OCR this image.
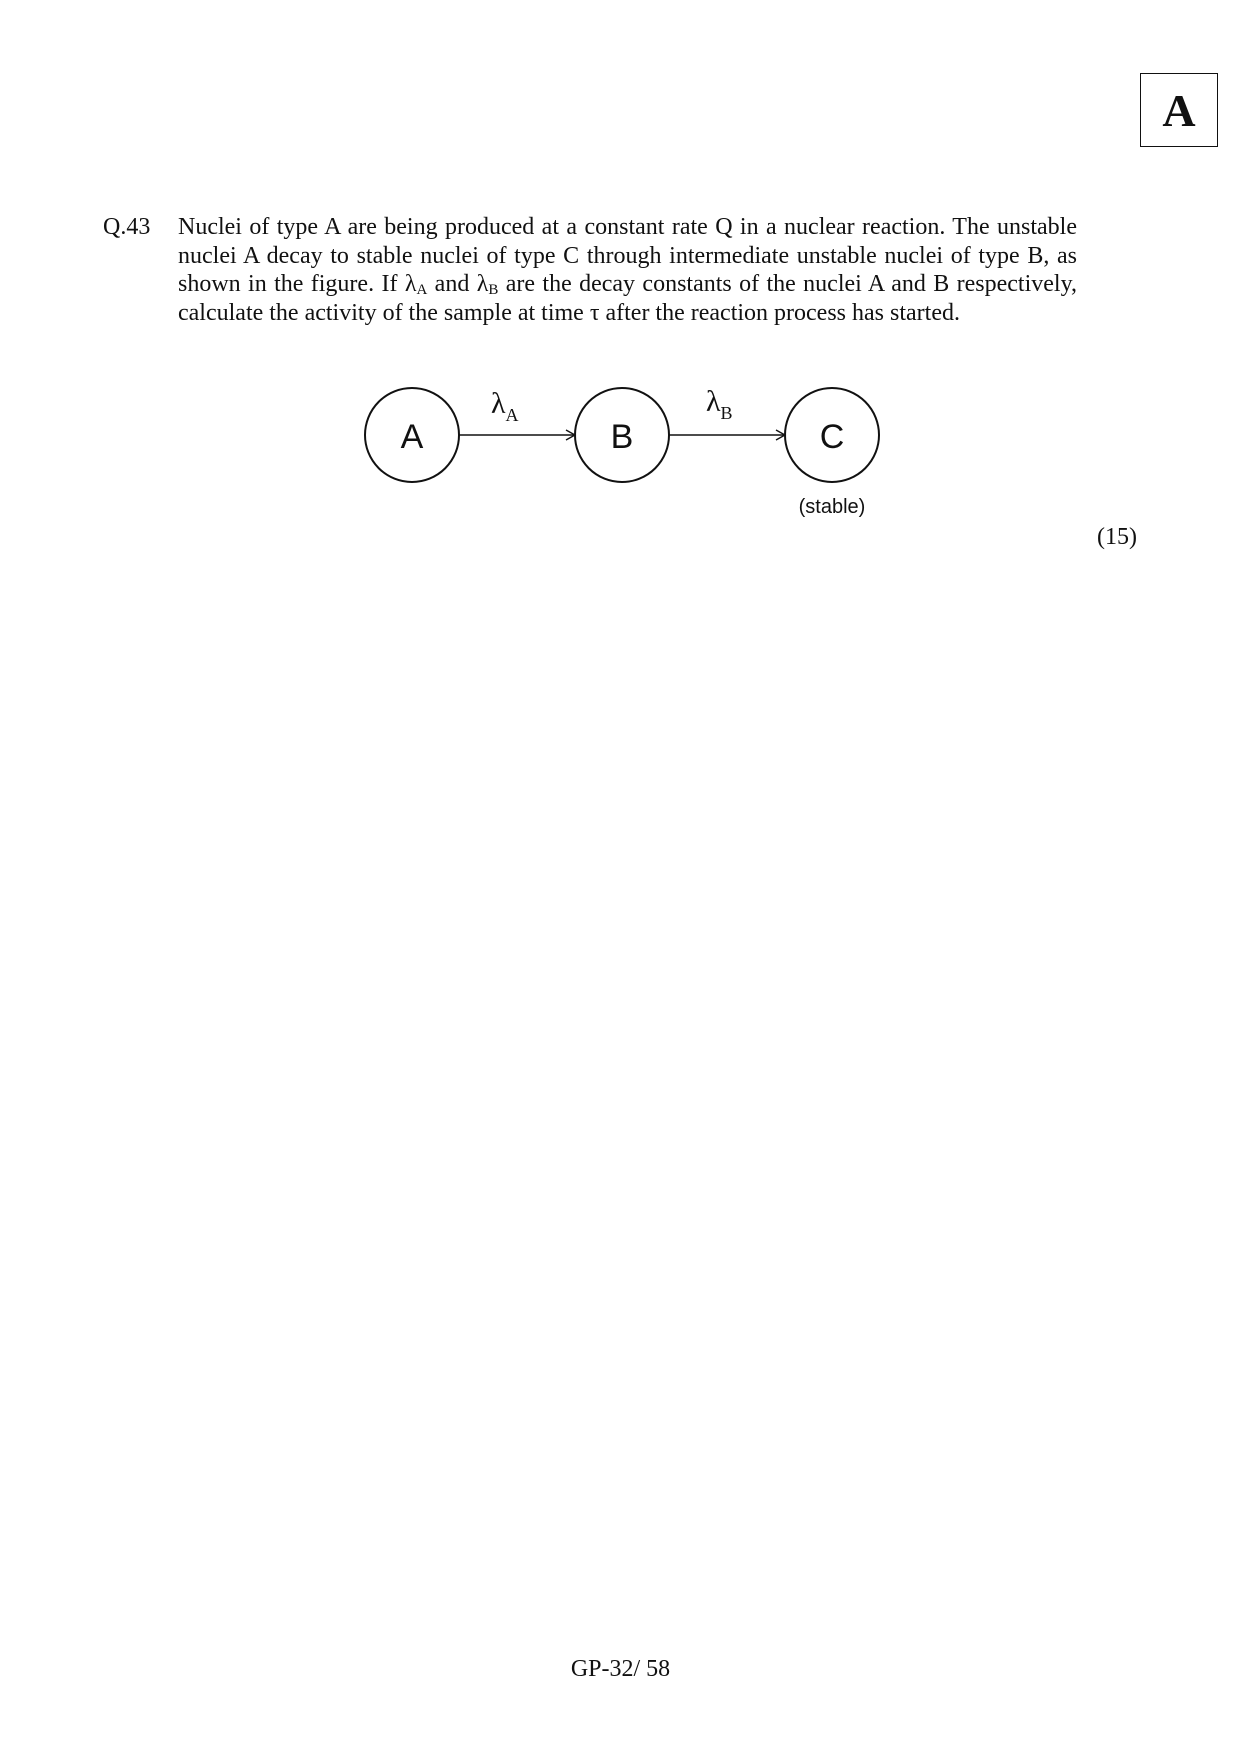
A
Q.43 Nuclei of type A are being produced at a constant rate Q in a nuclear reaction. The unstable nuclei A decay to stable nuclei of type C through intermediate unstable nuclei of type B, as shown in the figure. If $\lambda_A$ and $\lambda_B$ are the decay constants of the nuclei A and B respectively, calculate the activity of the sample at time τ after the reaction process has started.
A
λA
B
λB
C
(stable)
(15)
GP-32/ 58
